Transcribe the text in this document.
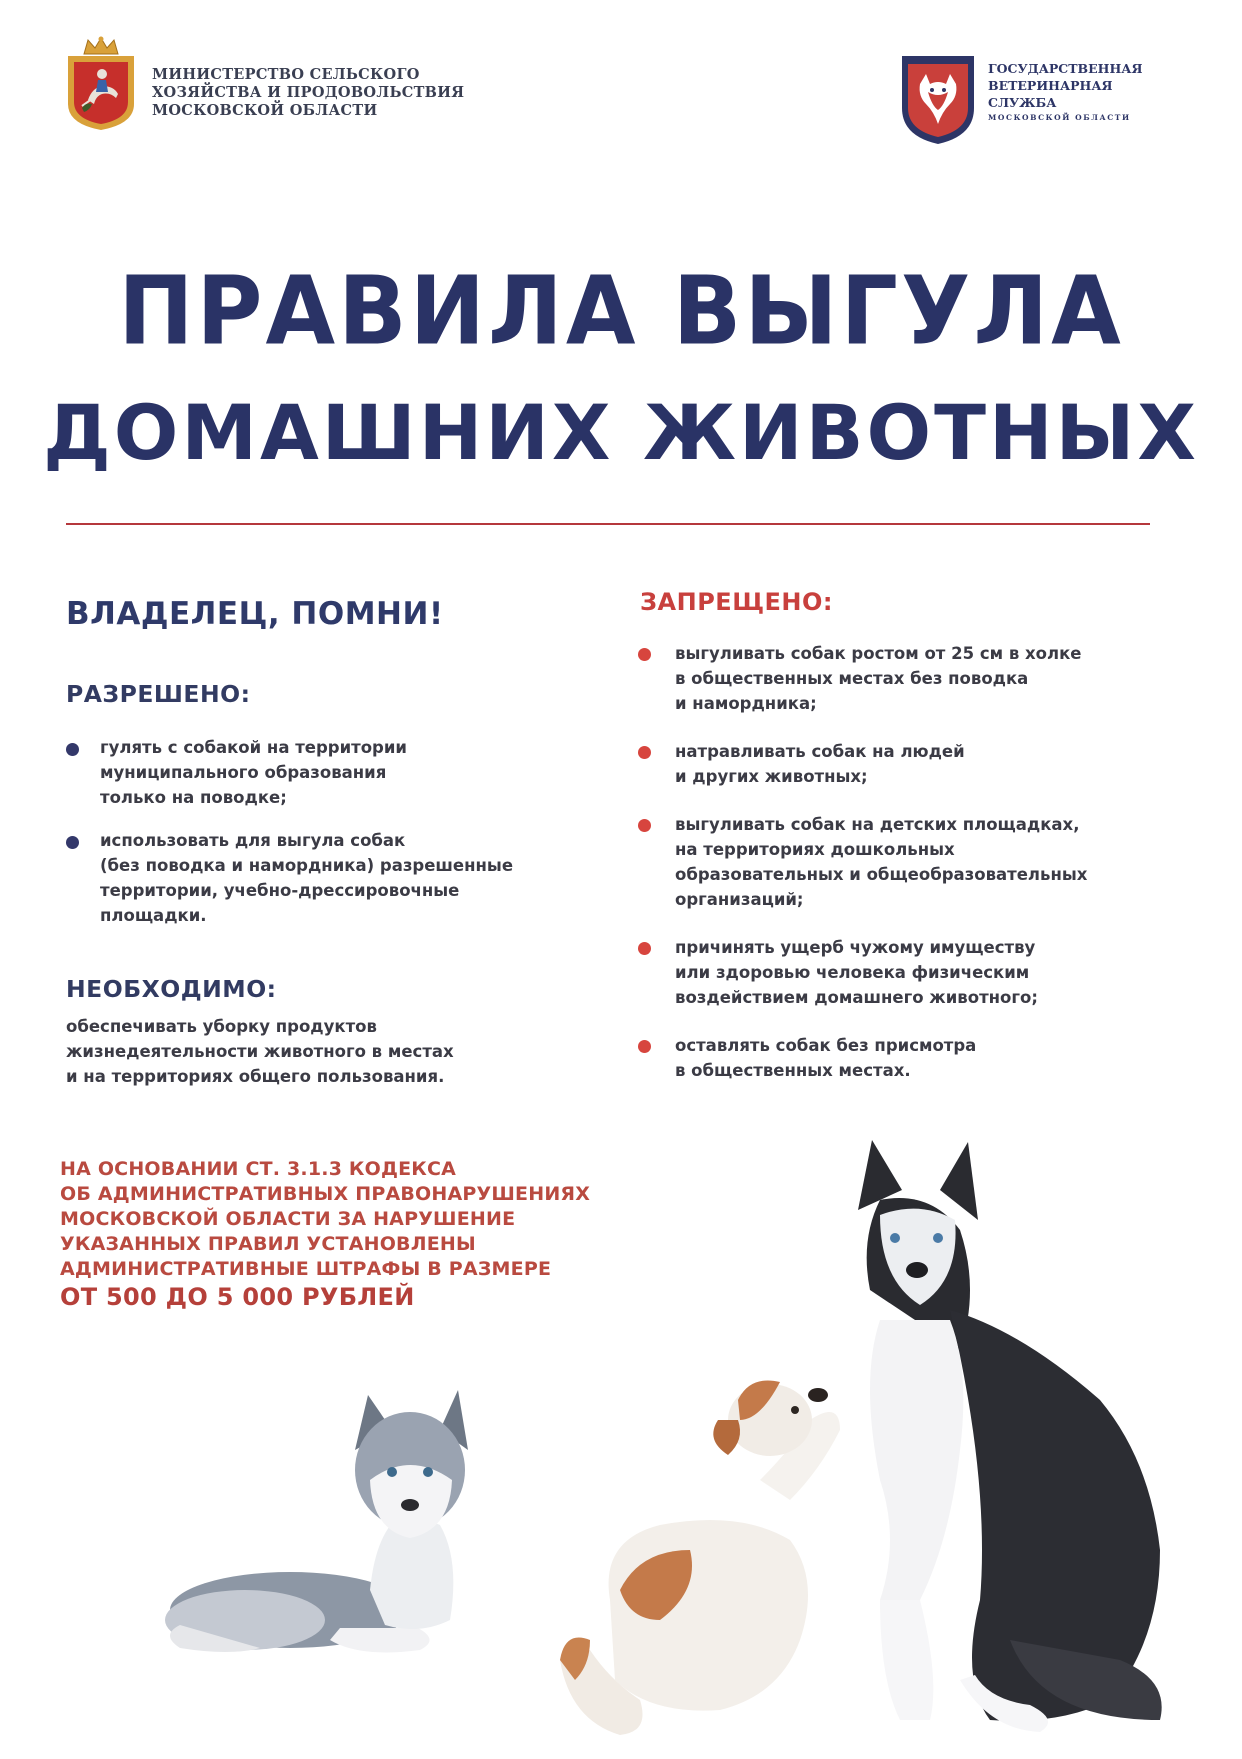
МИНИСТЕРСТВО СЕЛЬСКОГО
ХОЗЯЙСТВА И ПРОДОВОЛЬСТВИЯ
МОСКОВСКОЙ ОБЛАСТИ
ГОСУДАРСТВЕННАЯ
ВЕТЕРИНАРНАЯ
СЛУЖБА
МОСКОВСКОЙ ОБЛАСТИ
ПРАВИЛА ВЫГУЛА
ДОМАШНИХ ЖИВОТНЫХ
ВЛАДЕЛЕЦ, ПОМНИ!
РАЗРЕШЕНО:
гулять с собакой на территории
муниципального образования
только на поводке;
использовать для выгула собак
(без поводка и намордника) разрешенные
территории, учебно-дрессировочные
площадки.
НЕОБХОДИМО:
обеспечивать уборку продуктов
жизнедеятельности животного в местах
и на территориях общего пользования.
ЗАПРЕЩЕНО:
выгуливать собак ростом от 25 см в холке
в общественных местах без поводка
и намордника;
натравливать собак на людей
и других животных;
выгуливать собак на детских площадках,
на территориях дошкольных
образовательных и общеобразовательных
организаций;
причинять ущерб чужому имуществу
или здоровью человека физическим
воздействием домашнего животного;
оставлять собак без присмотра
в общественных местах.
НА ОСНОВАНИИ СТ. 3.1.3 КОДЕКСА
ОБ АДМИНИСТРАТИВНЫХ ПРАВОНАРУШЕНИЯХ
МОСКОВСКОЙ ОБЛАСТИ ЗА НАРУШЕНИЕ
УКАЗАННЫХ ПРАВИЛ УСТАНОВЛЕНЫ
АДМИНИСТРАТИВНЫЕ ШТРАФЫ В РАЗМЕРЕ
ОТ 500 ДО 5 000 РУБЛЕЙ
